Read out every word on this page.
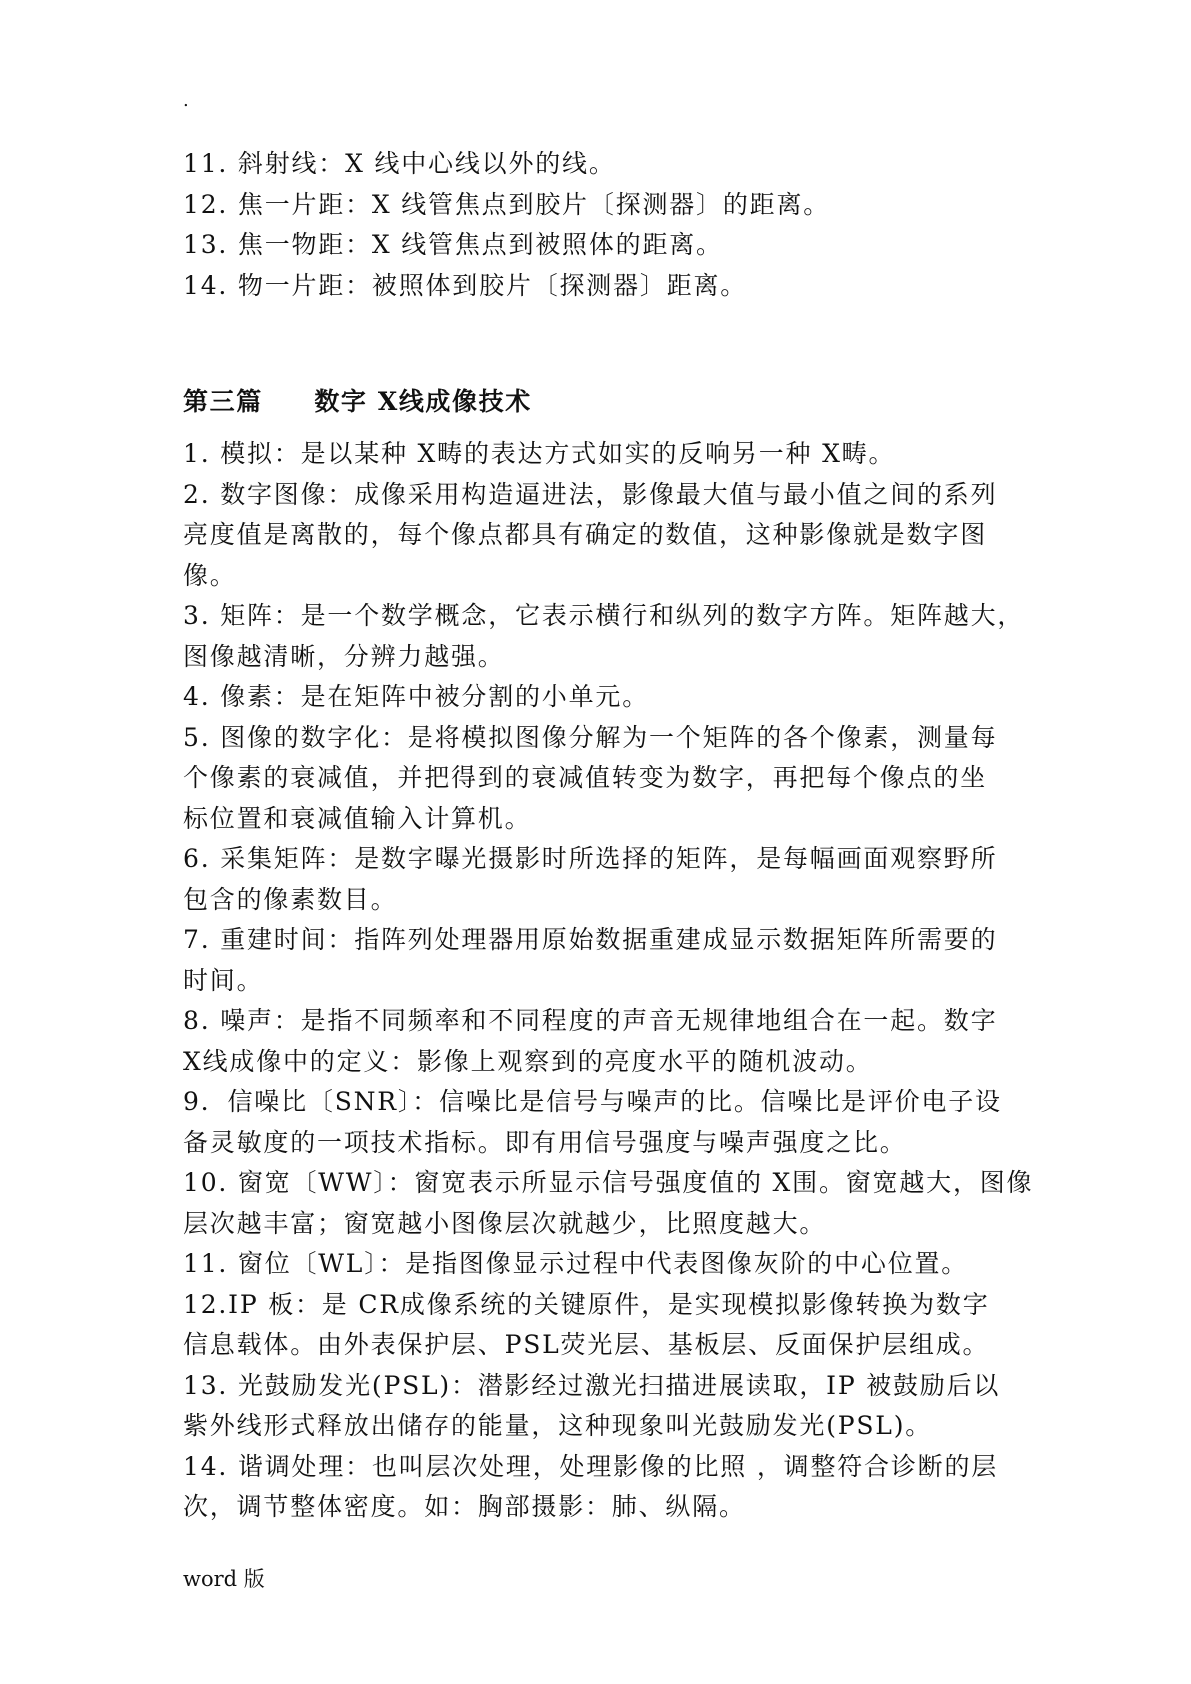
.

11. 斜射线：X 线中心线以外的线。

12. 焦一片距：X 线管焦点到胶片〔探测器〕的距离。

13. 焦一物距：X 线管焦点到被照体的距离。

14. 物一片距：被照体到胶片〔探测器〕距离。

第三篇     数字 X线成像技术

1. 模拟：是以某种 X畴的表达方式如实的反响另一种 X畴。

2. 数字图像：成像采用构造逼进法，影像最大值与最小值之间的系列

亮度值是离散的，每个像点都具有确定的数值，这种影像就是数字图

像。

3. 矩阵：是一个数学概念，它表示横行和纵列的数字方阵。矩阵越大，

图像越清晰，分辨力越强。

4. 像素：是在矩阵中被分割的小单元。

5. 图像的数字化：是将模拟图像分解为一个矩阵的各个像素，测量每

个像素的衰减值，并把得到的衰减值转变为数字，再把每个像点的坐

标位置和衰减值输入计算机。

6. 采集矩阵：是数字曝光摄影时所选择的矩阵，是每幅画面观察野所

包含的像素数目。

7. 重建时间：指阵列处理器用原始数据重建成显示数据矩阵所需要的

时间。

8. 噪声：是指不同频率和不同程度的声音无规律地组合在一起。数字

X线成像中的定义：影像上观察到的亮度水平的随机波动。

9．信噪比〔SNR〕：信噪比是信号与噪声的比。信噪比是评价电子设

备灵敏度的一项技术指标。即有用信号强度与噪声强度之比。

10. 窗宽〔WW〕：窗宽表示所显示信号强度值的 X围。窗宽越大，图像

层次越丰富；窗宽越小图像层次就越少，比照度越大。

11. 窗位〔WL〕：是指图像显示过程中代表图像灰阶的中心位置。

12.IP 板：是 CR成像系统的关键原件，是实现模拟影像转换为数字

信息载体。由外表保护层、PSL荧光层、基板层、反面保护层组成。

13. 光鼓励发光(PSL)：潜影经过激光扫描进展读取，IP 被鼓励后以

紫外线形式释放出储存的能量，这种现象叫光鼓励发光(PSL)。

14. 谐调处理：也叫层次处理，处理影像的比照 ，调整符合诊断的层

次，调节整体密度。如：胸部摄影：肺、纵隔。

word 版
